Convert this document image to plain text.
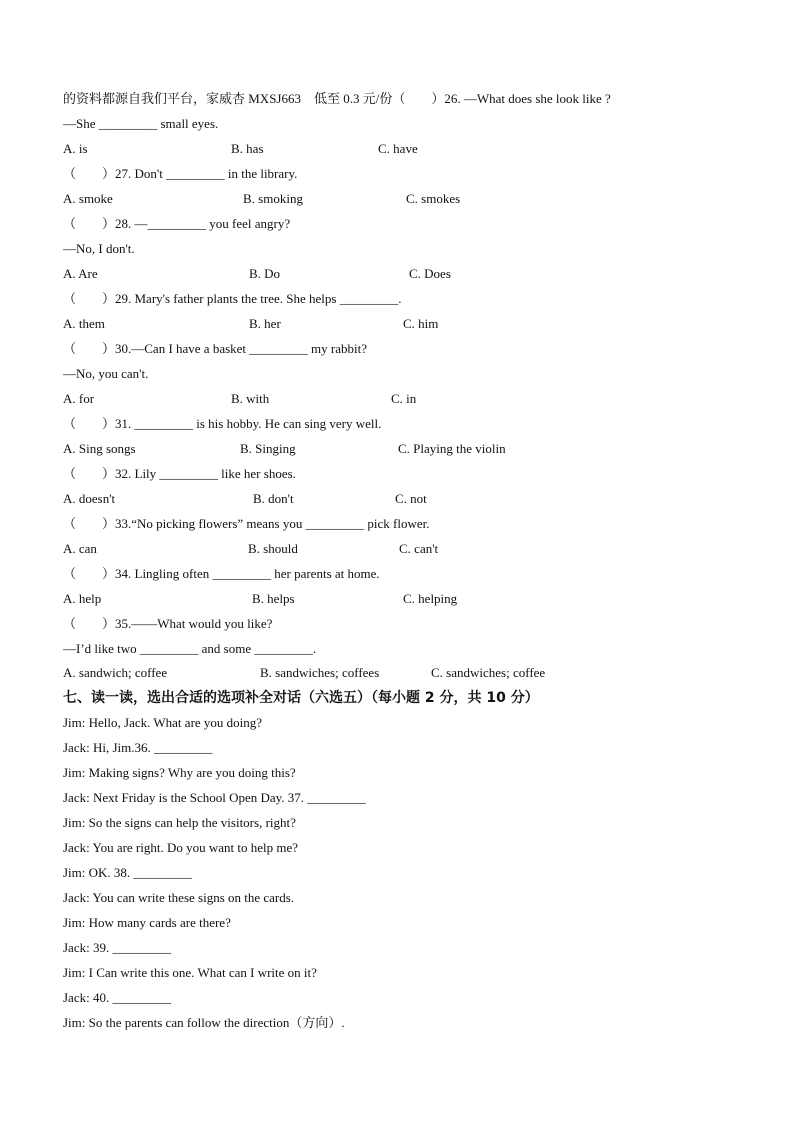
的资料都源自我们平台，家威杏 MXSJ663　低至 0.3 元/份（　　）26. —What does she look like ?
—She _________ small eyes.
A. is	B. has	C. have
（　　）27. Don't _________ in the library.
A. smoke	B. smoking	C. smokes
（　　）28. —_________ you feel angry?
—No, I don't.
A. Are	B. Do	C. Does
（　　）29. Mary's father plants the tree. She helps _________.
A. them	B. her	C. him
（　　）30.—Can I have a basket _________ my rabbit?
—No, you can't.
A. for	B. with	C. in
（　　）31. _________ is his hobby. He can sing very well.
A. Sing songs	B. Singing	C. Playing the violin
（　　）32. Lily _________ like her shoes.
A. doesn't	B. don't	C. not
（　　）33.“No picking flowers” means you _________ pick flower.
A. can	B. should	C. can't
（　　）34. Lingling often _________ her parents at home.
A. help	B. helps	C. helping
（　　）35.——What would you like?
—I’d like two _________ and some _________.
A. sandwich; coffee	B. sandwiches; coffees	C. sandwiches; coffee
七、读一读，选出合适的选项补全对话（六选五）（每小题 2 分，共 10 分）
Jim: Hello, Jack. What are you doing?
Jack: Hi, Jim.36. _________
Jim: Making signs? Why are you doing this?
Jack: Next Friday is the School Open Day. 37. _________
Jim: So the signs can help the visitors, right?
Jack: You are right. Do you want to help me?
Jim: OK. 38. _________
Jack: You can write these signs on the cards.
Jim: How many cards are there?
Jack: 39. _________
Jim: I Can write this one. What can I write on it?
Jack: 40. _________
Jim: So the parents can follow the direction（方向）.
